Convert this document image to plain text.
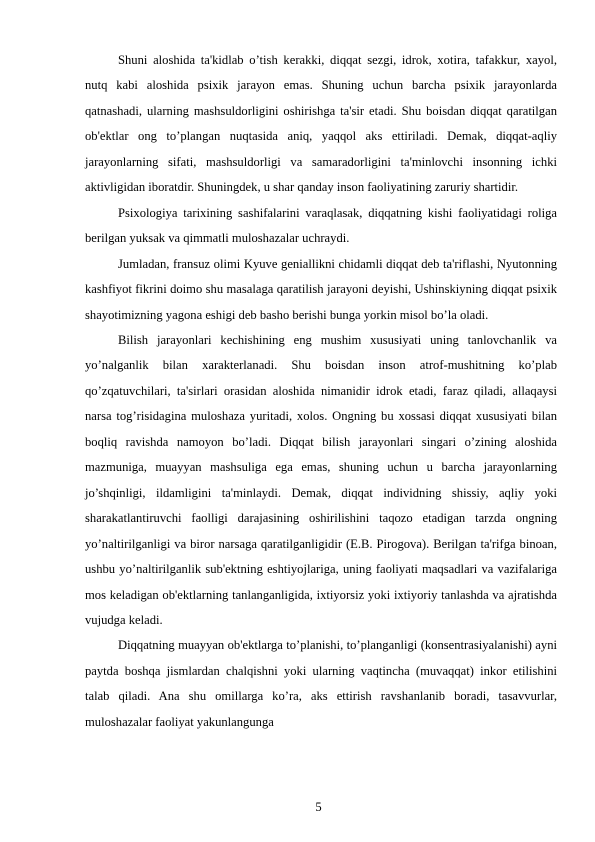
Shuni aloshida ta'kidlab o’tish kerakki, diqqat sezgi, idrok, xotira, tafakkur, xayol, nutq kabi aloshida psixik jarayon emas. Shuning uchun barcha psixik jarayonlarda qatnashadi, ularning mashsuldorligini oshirishga ta'sir etadi. Shu boisdan diqqat qaratilgan ob'ektlar ong to’plangan nuqtasida aniq, yaqqol aks ettiriladi. Demak, diqqat-aqliy jarayonlarning sifati, mashsuldorligi va samaradorligini ta'minlovchi insonning ichki aktivligidan iboratdir. Shuningdek, u shar qanday inson faoliyatining zaruriy shartidir.

Psixologiya tarixining sashifalarini varaqlasak, diqqatning kishi faoliyatidagi roliga berilgan yuksak va qimmatli muloshazalar uchraydi.

Jumladan, fransuz olimi Kyuve geniallikni chidamli diqqat deb ta'riflashi, Nyutonning kashfiyot fikrini doimo shu masalaga qaratilish jarayoni deyishi, Ushinskiyning diqqat psixik shayotimizning yagona eshigi deb basho berishi bunga yorkin misol bo’la oladi.

Bilish jarayonlari kechishining eng mushim xususiyati uning tanlovchanlik va yo’nalganlik bilan xarakterlanadi. Shu boisdan inson atrof-mushitning ko’plab qo’zqatuvchilari, ta'sirlari orasidan aloshida nimanidir idrok etadi, faraz qiladi, allaqaysi narsa tog’risidagina muloshaza yuritadi, xolos. Ongning bu xossasi diqqat xususiyati bilan boqliq ravishda namoyon bo’ladi. Diqqat bilish jarayonlari singari o’zining aloshida mazmuniga, muayyan mashsuliga ega emas, shuning uchun u barcha jarayonlarning jo’shqinligi, ildamligini ta'minlaydi. Demak, diqqat individning shissiy, aqliy yoki sharakatlantiruvchi faolligi darajasining oshirilishini taqozo etadigan tarzda ongning yo’naltirilganligi va biror narsaga qaratilganligidir (E.B. Pirogova). Berilgan ta'rifga binoan, ushbu yo’naltirilganlik sub'ektning eshtiyojlariga, uning faoliyati maqsadlari va vazifalariga mos keladigan ob'ektlarning tanlanganligida, ixtiyorsiz yoki ixtiyoriy tanlashda va ajratishda vujudga keladi.

Diqqatning muayyan ob'ektlarga to’planishi, to’planganligi (konsentrasiyalanishi) ayni paytda boshqa jismlardan chalqishni yoki ularning vaqtincha (muvaqqat) inkor etilishini talab qiladi. Ana shu omillarga ko’ra, aks ettirish ravshanlanib boradi, tasavvurlar, muloshazalar faoliyat yakunlangunga

5
